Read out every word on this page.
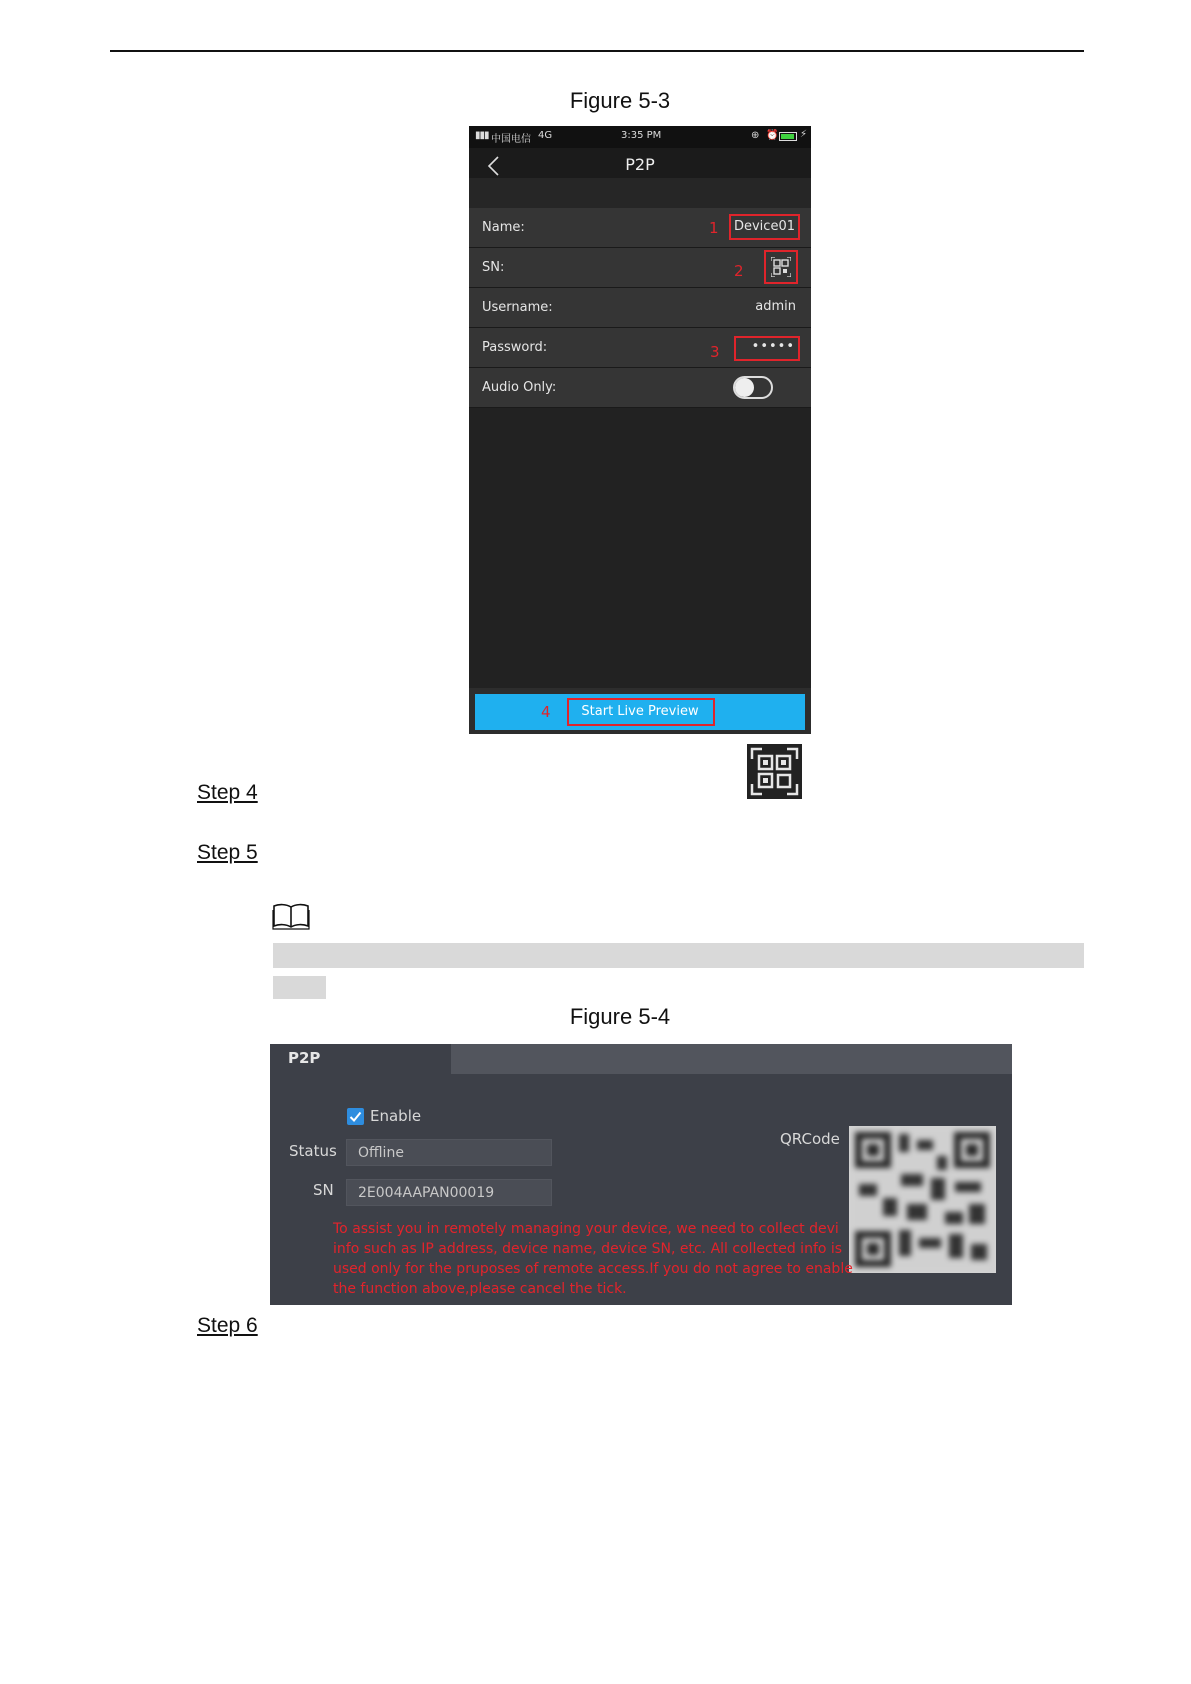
Figure 5-3
▮▮▮ 中国电信 4G	3:35 PM	⊕ ⏰ ⚡
P2P
Name:	1 Device01
SN:	2
Username:	admin
Password:	3 •••••
Audio Only:
4	Start Live Preview
Step 4
Step 5
Figure 5-4
P2P
Enable
Status	Offline
SN	2E004AAPAN00019
QRCode
To assist you in remotely managing your device, we need to collect devi
info such as IP address, device name, device SN, etc. All collected info is
used only for the pruposes of remote access.If you do not agree to enable
the function above,please cancel the tick.
Step 6
